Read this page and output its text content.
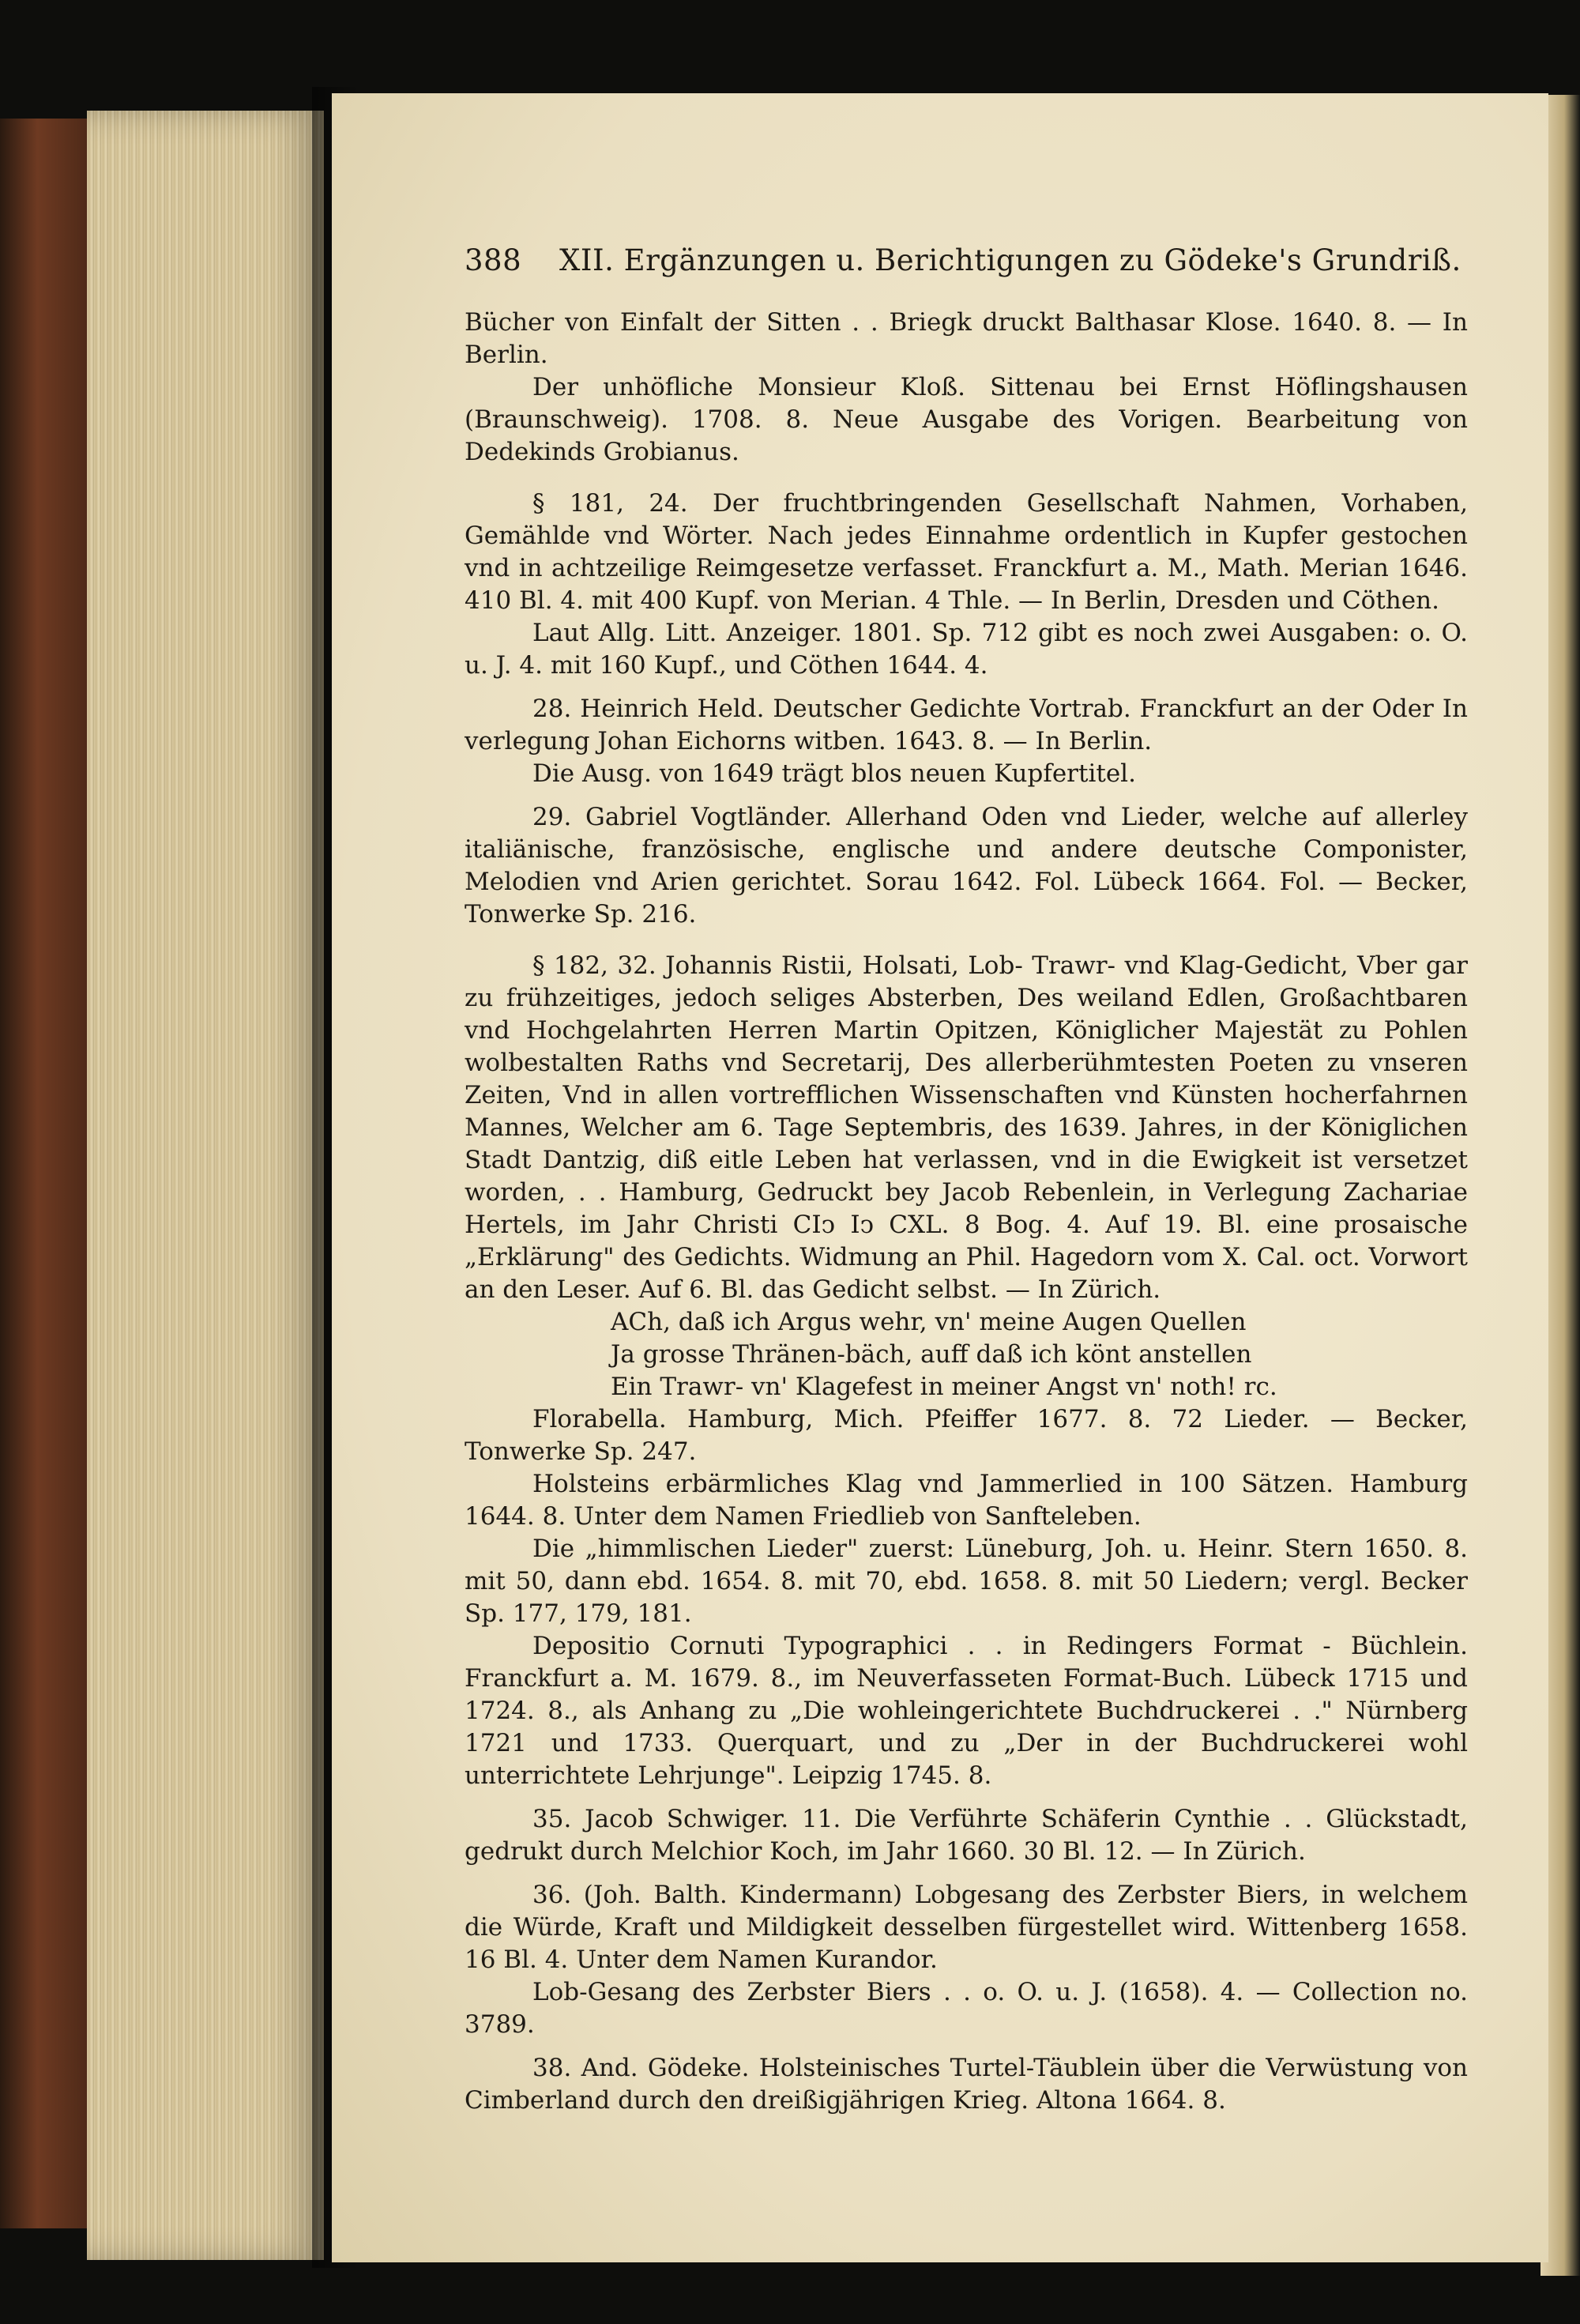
388	XII. Ergänzungen u. Berichtigungen zu Gödeke's Grundriß.

Bücher von Einfalt der Sitten . . Briegk druckt Balthasar Klose. 1640. 8. — In Berlin.

Der unhöfliche Monsieur Kloß. Sittenau bei Ernst Höflingshausen (Braunschweig). 1708. 8. Neue Ausgabe des Vorigen. Bearbeitung von Dedekinds Grobianus.

§ 181, 24. Der fruchtbringenden Gesellschaft Nahmen, Vorhaben, Gemählde vnd Wörter. Nach jedes Einnahme ordentlich in Kupfer gestochen vnd in achtzeilige Reimgesetze verfasset. Franckfurt a. M., Math. Merian 1646. 410 Bl. 4. mit 400 Kupf. von Merian. 4 Thle. — In Berlin, Dresden und Cöthen.

Laut Allg. Litt. Anzeiger. 1801. Sp. 712 gibt es noch zwei Ausgaben: o. O. u. J. 4. mit 160 Kupf., und Cöthen 1644. 4.

28. Heinrich Held. Deutscher Gedichte Vortrab. Franckfurt an der Oder In verlegung Johan Eichorns witben. 1643. 8. — In Berlin.

Die Ausg. von 1649 trägt blos neuen Kupfertitel.

29. Gabriel Vogtländer. Allerhand Oden vnd Lieder, welche auf allerley italiänische, französische, englische und andere deutsche Componister, Melodien vnd Arien gerichtet. Sorau 1642. Fol. Lübeck 1664. Fol. — Becker, Tonwerke Sp. 216.

§ 182, 32. Johannis Ristii, Holsati, Lob- Trawr- vnd Klag-Gedicht, Vber gar zu frühzeitiges, jedoch seliges Absterben, Des weiland Edlen, Großachtbaren vnd Hochgelahrten Herren Martin Opitzen, Königlicher Majestät zu Pohlen wolbestalten Raths vnd Secretarij, Des allerberühmtesten Poeten zu vnseren Zeiten, Vnd in allen vortrefflichen Wissenschaften vnd Künsten hocherfahrnen Mannes, Welcher am 6. Tage Septembris, des 1639. Jahres, in der Königlichen Stadt Dantzig, diß eitle Leben hat verlassen, vnd in die Ewigkeit ist versetzet worden, . . Hamburg, Gedruckt bey Jacob Rebenlein, in Verlegung Zachariae Hertels, im Jahr Christi CIↄ Iↄ CXL. 8 Bog. 4. Auf 19. Bl. eine prosaische „Erklärung" des Gedichts. Widmung an Phil. Hagedorn vom X. Cal. oct. Vorwort an den Leser. Auf 6. Bl. das Gedicht selbst. — In Zürich.

ACh, daß ich Argus wehr, vn' meine Augen Quellen
Ja grosse Thränen-bäch, auff daß ich könt anstellen
Ein Trawr- vn' Klagefest in meiner Angst vn' noth! rc.

Florabella. Hamburg, Mich. Pfeiffer 1677. 8. 72 Lieder. — Becker, Tonwerke Sp. 247.

Holsteins erbärmliches Klag vnd Jammerlied in 100 Sätzen. Hamburg 1644. 8. Unter dem Namen Friedlieb von Sanfteleben.

Die „himmlischen Lieder" zuerst: Lüneburg, Joh. u. Heinr. Stern 1650. 8. mit 50, dann ebd. 1654. 8. mit 70, ebd. 1658. 8. mit 50 Liedern; vergl. Becker Sp. 177, 179, 181.

Depositio Cornuti Typographici . . in Redingers Format - Büchlein. Franckfurt a. M. 1679. 8., im Neuverfasseten Format-Buch. Lübeck 1715 und 1724. 8., als Anhang zu „Die wohleingerichtete Buchdruckerei . ." Nürnberg 1721 und 1733. Querquart, und zu „Der in der Buchdruckerei wohl unterrichtete Lehrjunge". Leipzig 1745. 8.

35. Jacob Schwiger. 11. Die Verführte Schäferin Cynthie . . Glückstadt, gedrukt durch Melchior Koch, im Jahr 1660. 30 Bl. 12. — In Zürich.

36. (Joh. Balth. Kindermann) Lobgesang des Zerbster Biers, in welchem die Würde, Kraft und Mildigkeit desselben fürgestellet wird. Wittenberg 1658. 16 Bl. 4. Unter dem Namen Kurandor.

Lob-Gesang des Zerbster Biers . . o. O. u. J. (1658). 4. — Collection no. 3789.

38. And. Gödeke. Holsteinisches Turtel-Täublein über die Verwüstung von Cimberland durch den dreißigjährigen Krieg. Altona 1664. 8.
